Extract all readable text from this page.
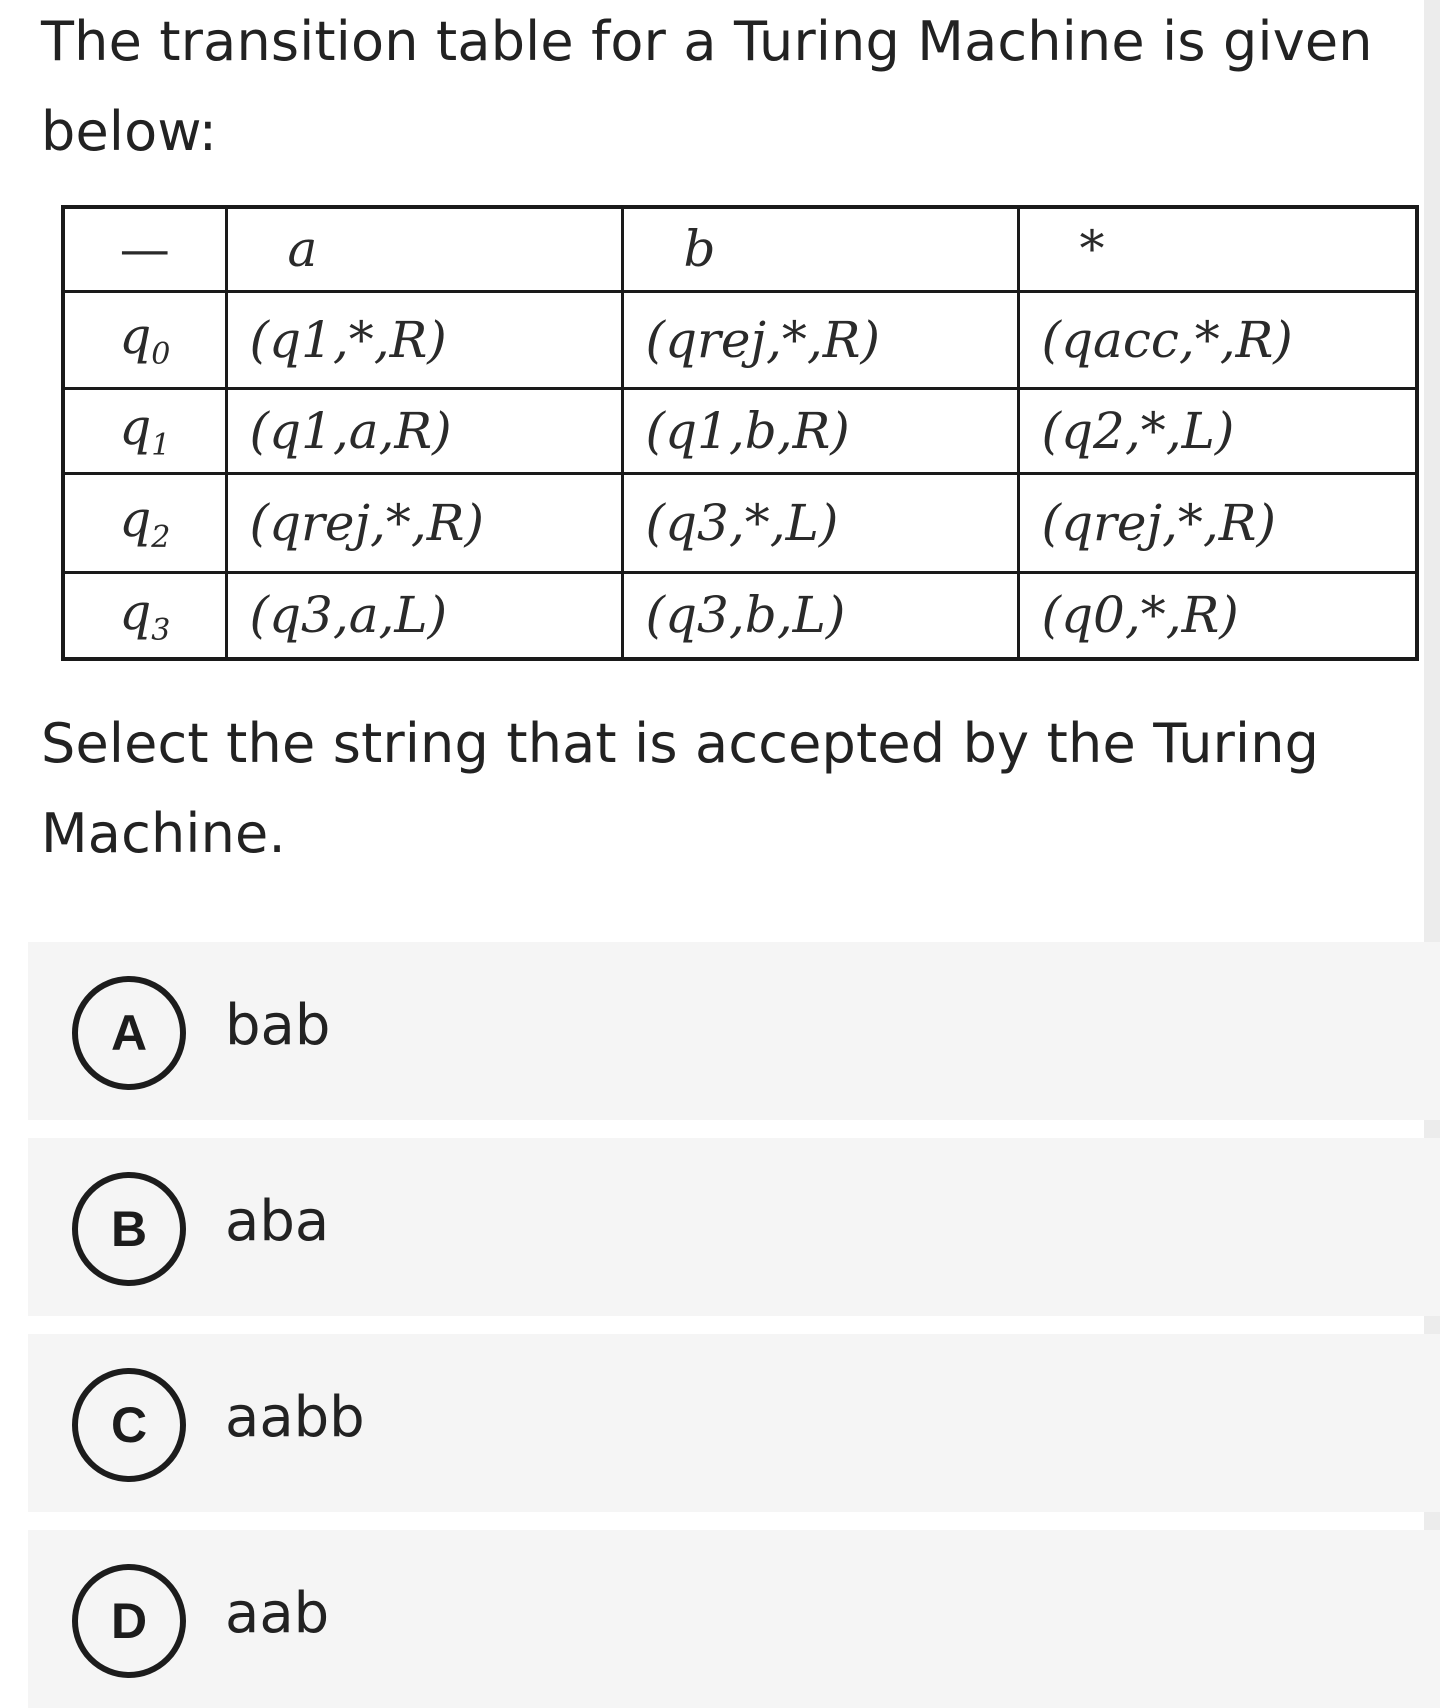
The transition table for a Turing Machine is given below:
—	a	b	*
$q_0$	(q1,*,R)	(qrej,*,R)	(qacc,*,R)
$q_1$	(q1,a,R)	(q1,b,R)	(q2,*,L)
$q_2$	(qrej,*,R)	(q3,*,L)	(qrej,*,R)
$q_3$	(q3,a,L)	(q3,b,L)	(q0,*,R)
Select the string that is accepted by the Turing Machine.
A	bab
B	aba
C	aabb
D	aab
